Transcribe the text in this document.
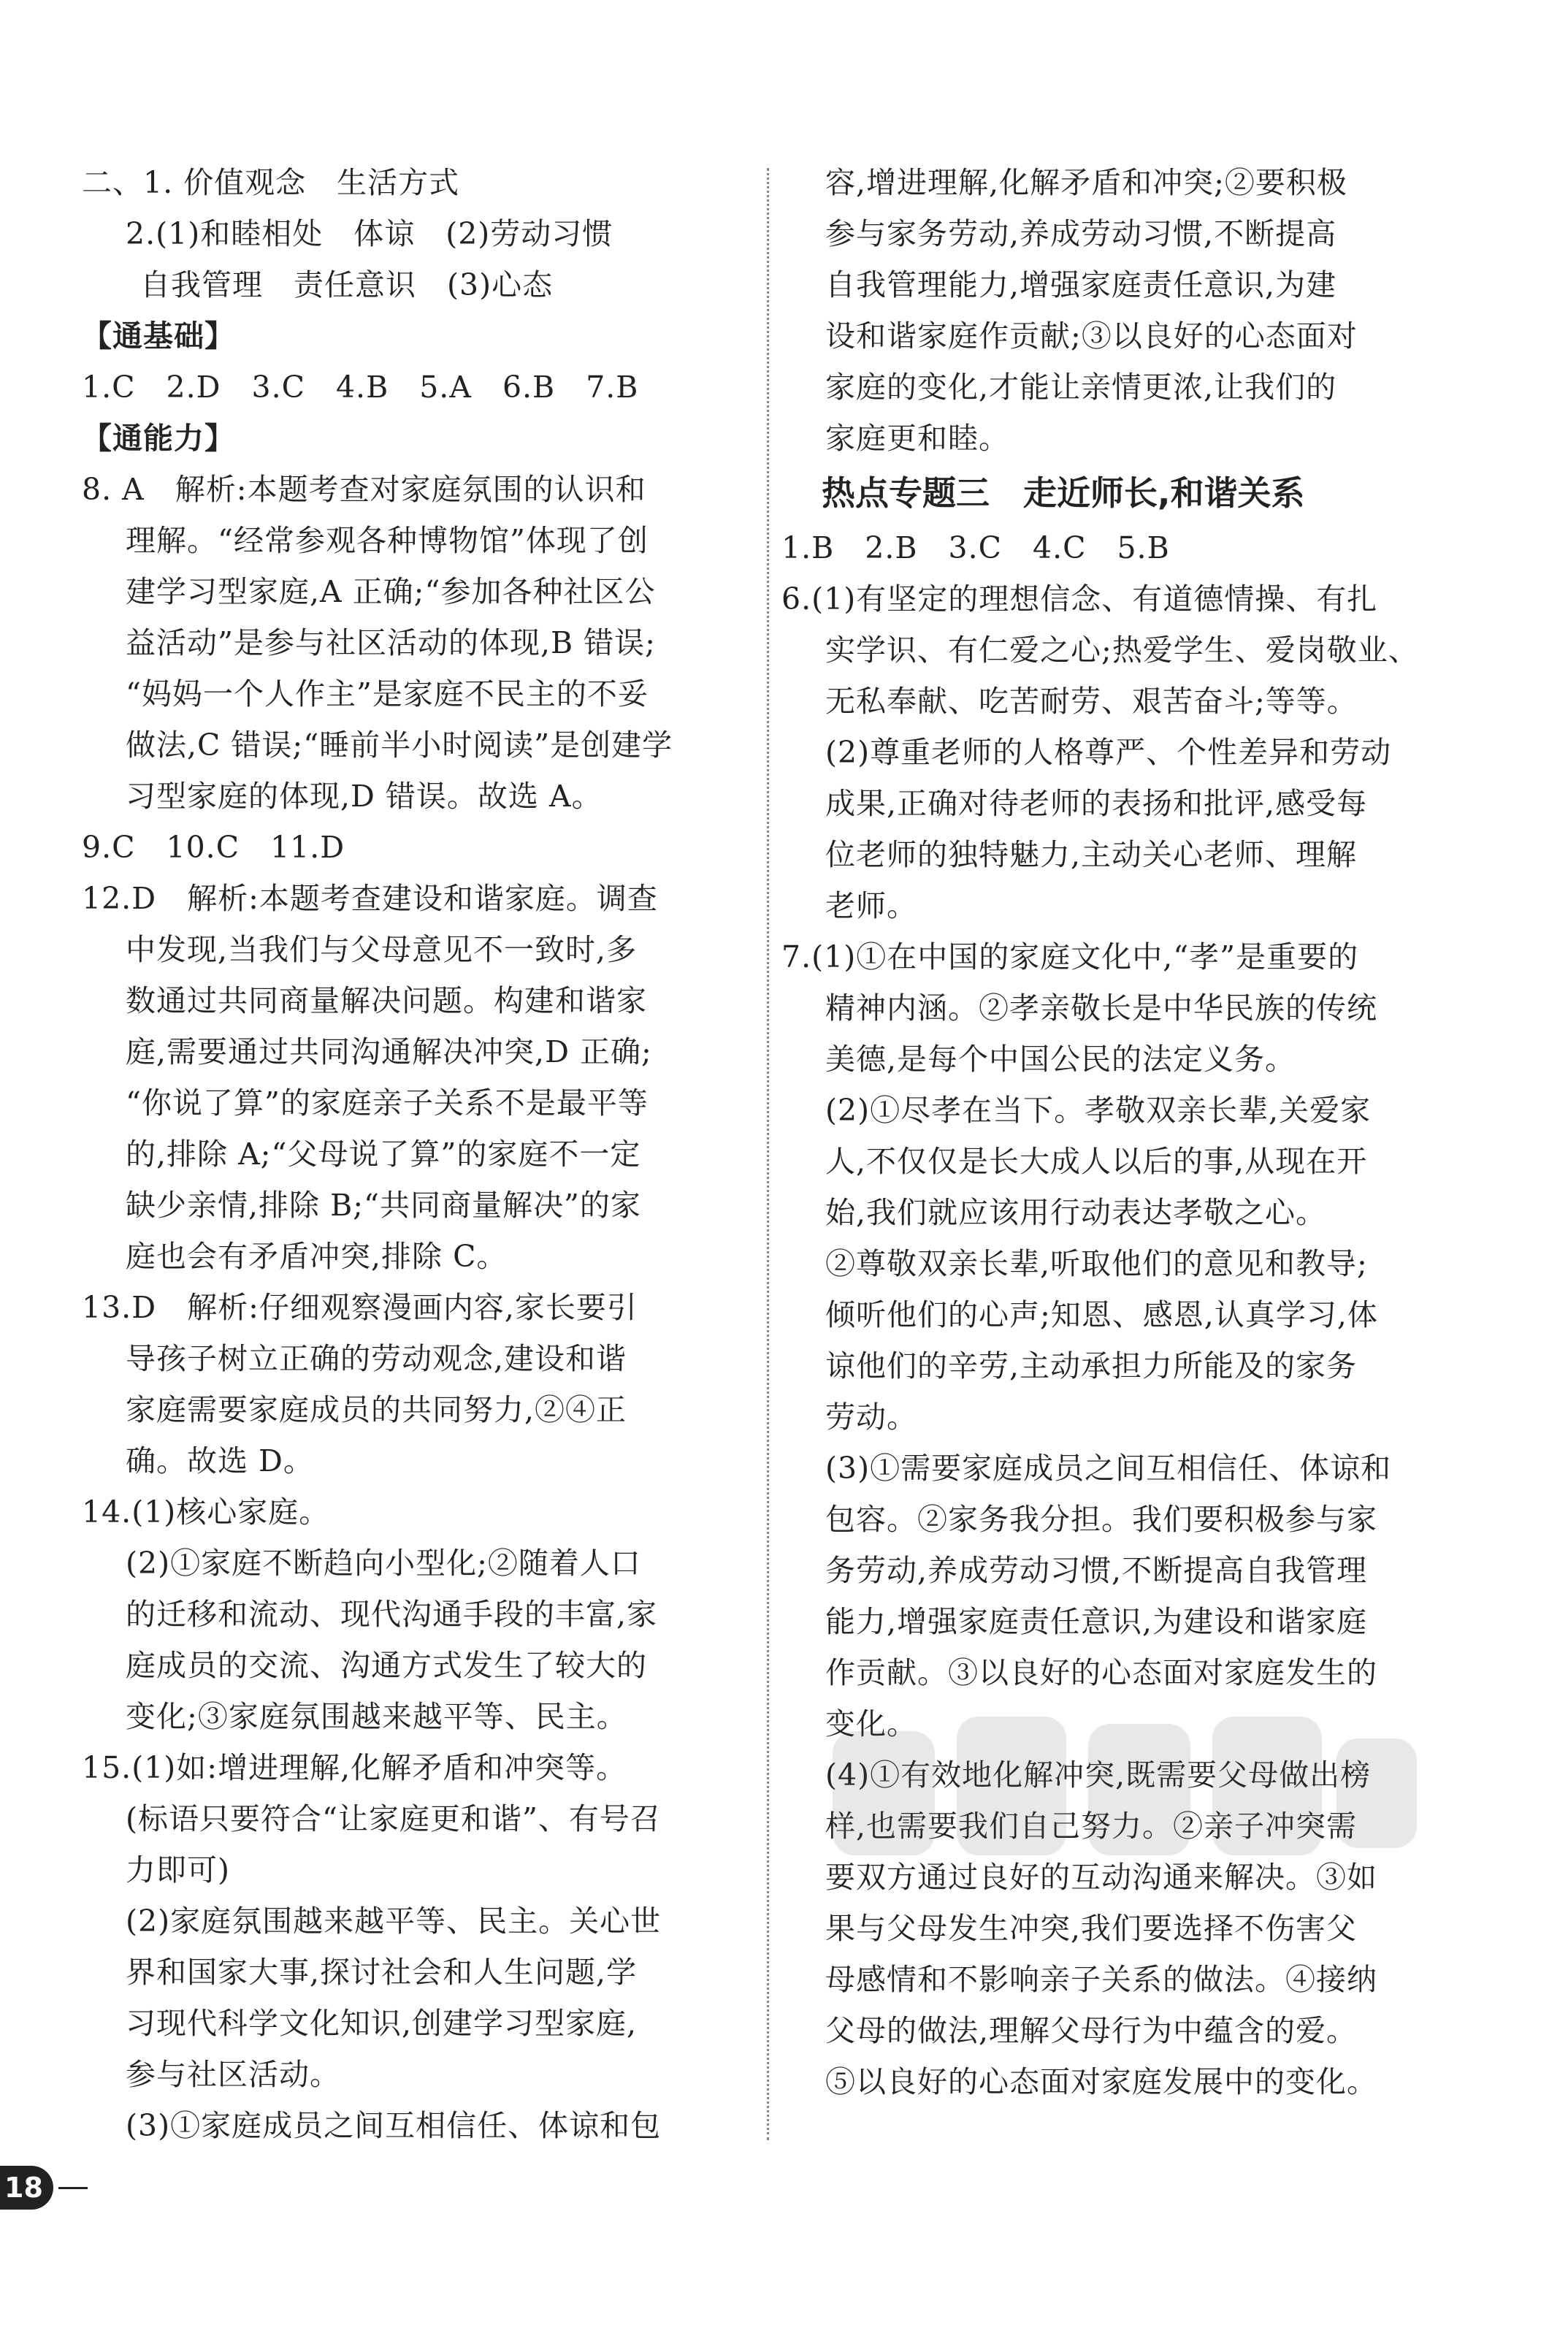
二、1. 价值观念　生活方式
2.(1)和睦相处　体谅　(2)劳动习惯
自我管理　责任意识　(3)心态
【通基础】
1.C　2.D　3.C　4.B　5.A　6.B　7.B
【通能力】
8. A　解析:本题考查对家庭氛围的认识和
理解。“经常参观各种博物馆”体现了创
建学习型家庭,A 正确;“参加各种社区公
益活动”是参与社区活动的体现,B 错误;
“妈妈一个人作主”是家庭不民主的不妥
做法,C 错误;“睡前半小时阅读”是创建学
习型家庭的体现,D 错误。故选 A。
9.C　10.C　11.D
12.D　解析:本题考查建设和谐家庭。调查
中发现,当我们与父母意见不一致时,多
数通过共同商量解决问题。构建和谐家
庭,需要通过共同沟通解决冲突,D 正确;
“你说了算”的家庭亲子关系不是最平等
的,排除 A;“父母说了算”的家庭不一定
缺少亲情,排除 B;“共同商量解决”的家
庭也会有矛盾冲突,排除 C。
13.D　解析:仔细观察漫画内容,家长要引
导孩子树立正确的劳动观念,建设和谐
家庭需要家庭成员的共同努力,②④正
确。故选 D。
14.(1)核心家庭。
(2)①家庭不断趋向小型化;②随着人口
的迁移和流动、现代沟通手段的丰富,家
庭成员的交流、沟通方式发生了较大的
变化;③家庭氛围越来越平等、民主。
15.(1)如:增进理解,化解矛盾和冲突等。
(标语只要符合“让家庭更和谐”、有号召
力即可)
(2)家庭氛围越来越平等、民主。关心世
界和国家大事,探讨社会和人生问题,学
习现代科学文化知识,创建学习型家庭,
参与社区活动。
(3)①家庭成员之间互相信任、体谅和包
容,增进理解,化解矛盾和冲突;②要积极
参与家务劳动,养成劳动习惯,不断提高
自我管理能力,增强家庭责任意识,为建
设和谐家庭作贡献;③以良好的心态面对
家庭的变化,才能让亲情更浓,让我们的
家庭更和睦。
热点专题三　走近师长,和谐关系
1.B　2.B　3.C　4.C　5.B
6.(1)有坚定的理想信念、有道德情操、有扎
实学识、有仁爱之心;热爱学生、爱岗敬业、
无私奉献、吃苦耐劳、艰苦奋斗;等等。
(2)尊重老师的人格尊严、个性差异和劳动
成果,正确对待老师的表扬和批评,感受每
位老师的独特魅力,主动关心老师、理解
老师。
7.(1)①在中国的家庭文化中,“孝”是重要的
精神内涵。②孝亲敬长是中华民族的传统
美德,是每个中国公民的法定义务。
(2)①尽孝在当下。孝敬双亲长辈,关爱家
人,不仅仅是长大成人以后的事,从现在开
始,我们就应该用行动表达孝敬之心。
②尊敬双亲长辈,听取他们的意见和教导;
倾听他们的心声;知恩、感恩,认真学习,体
谅他们的辛劳,主动承担力所能及的家务
劳动。
(3)①需要家庭成员之间互相信任、体谅和
包容。②家务我分担。我们要积极参与家
务劳动,养成劳动习惯,不断提高自我管理
能力,增强家庭责任意识,为建设和谐家庭
作贡献。③以良好的心态面对家庭发生的
变化。
(4)①有效地化解冲突,既需要父母做出榜
样,也需要我们自己努力。②亲子冲突需
要双方通过良好的互动沟通来解决。③如
果与父母发生冲突,我们要选择不伤害父
母感情和不影响亲子关系的做法。④接纳
父母的做法,理解父母行为中蕴含的爱。
⑤以良好的心态面对家庭发展中的变化。
18
